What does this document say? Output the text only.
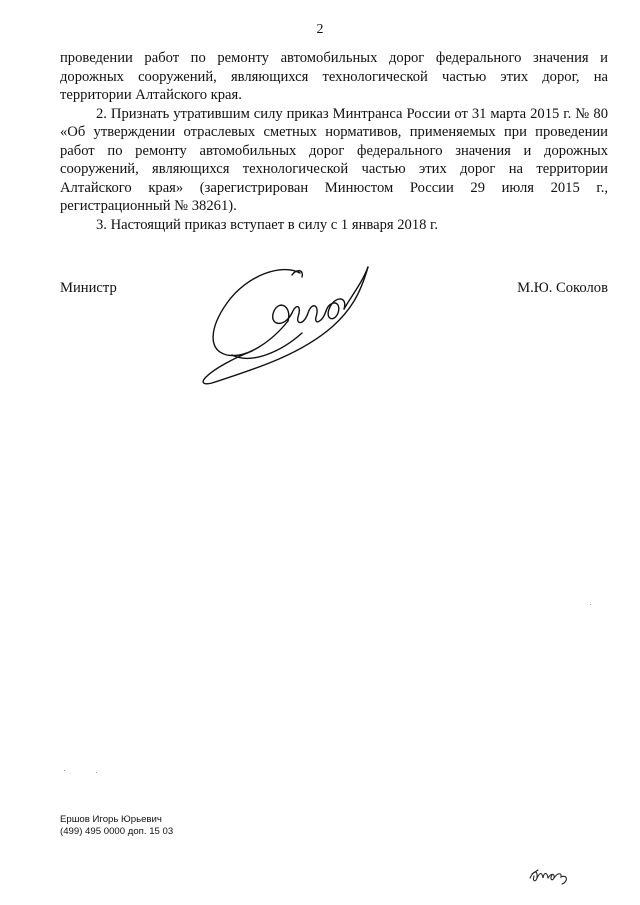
2

проведении работ по ремонту автомобильных дорог федерального значения и дорожных сооружений, являющихся технологической частью этих дорог, на территории Алтайского края.

2. Признать утратившим силу приказ Минтранса России от 31 марта 2015 г. № 80 «Об утверждении отраслевых сметных нормативов, применяемых при проведении работ по ремонту автомобильных дорог федерального значения и дорожных сооружений, являющихся технологической частью этих дорог на территории Алтайского края» (зарегистрирован Минюстом России 29 июля 2015 г., регистрационный № 38261).

3. Настоящий приказ вступает в силу с 1 января 2018 г.

Министр	М.Ю. Соколов
Ершов Игорь Юрьевич
(499) 495 0000 доп. 15 03
